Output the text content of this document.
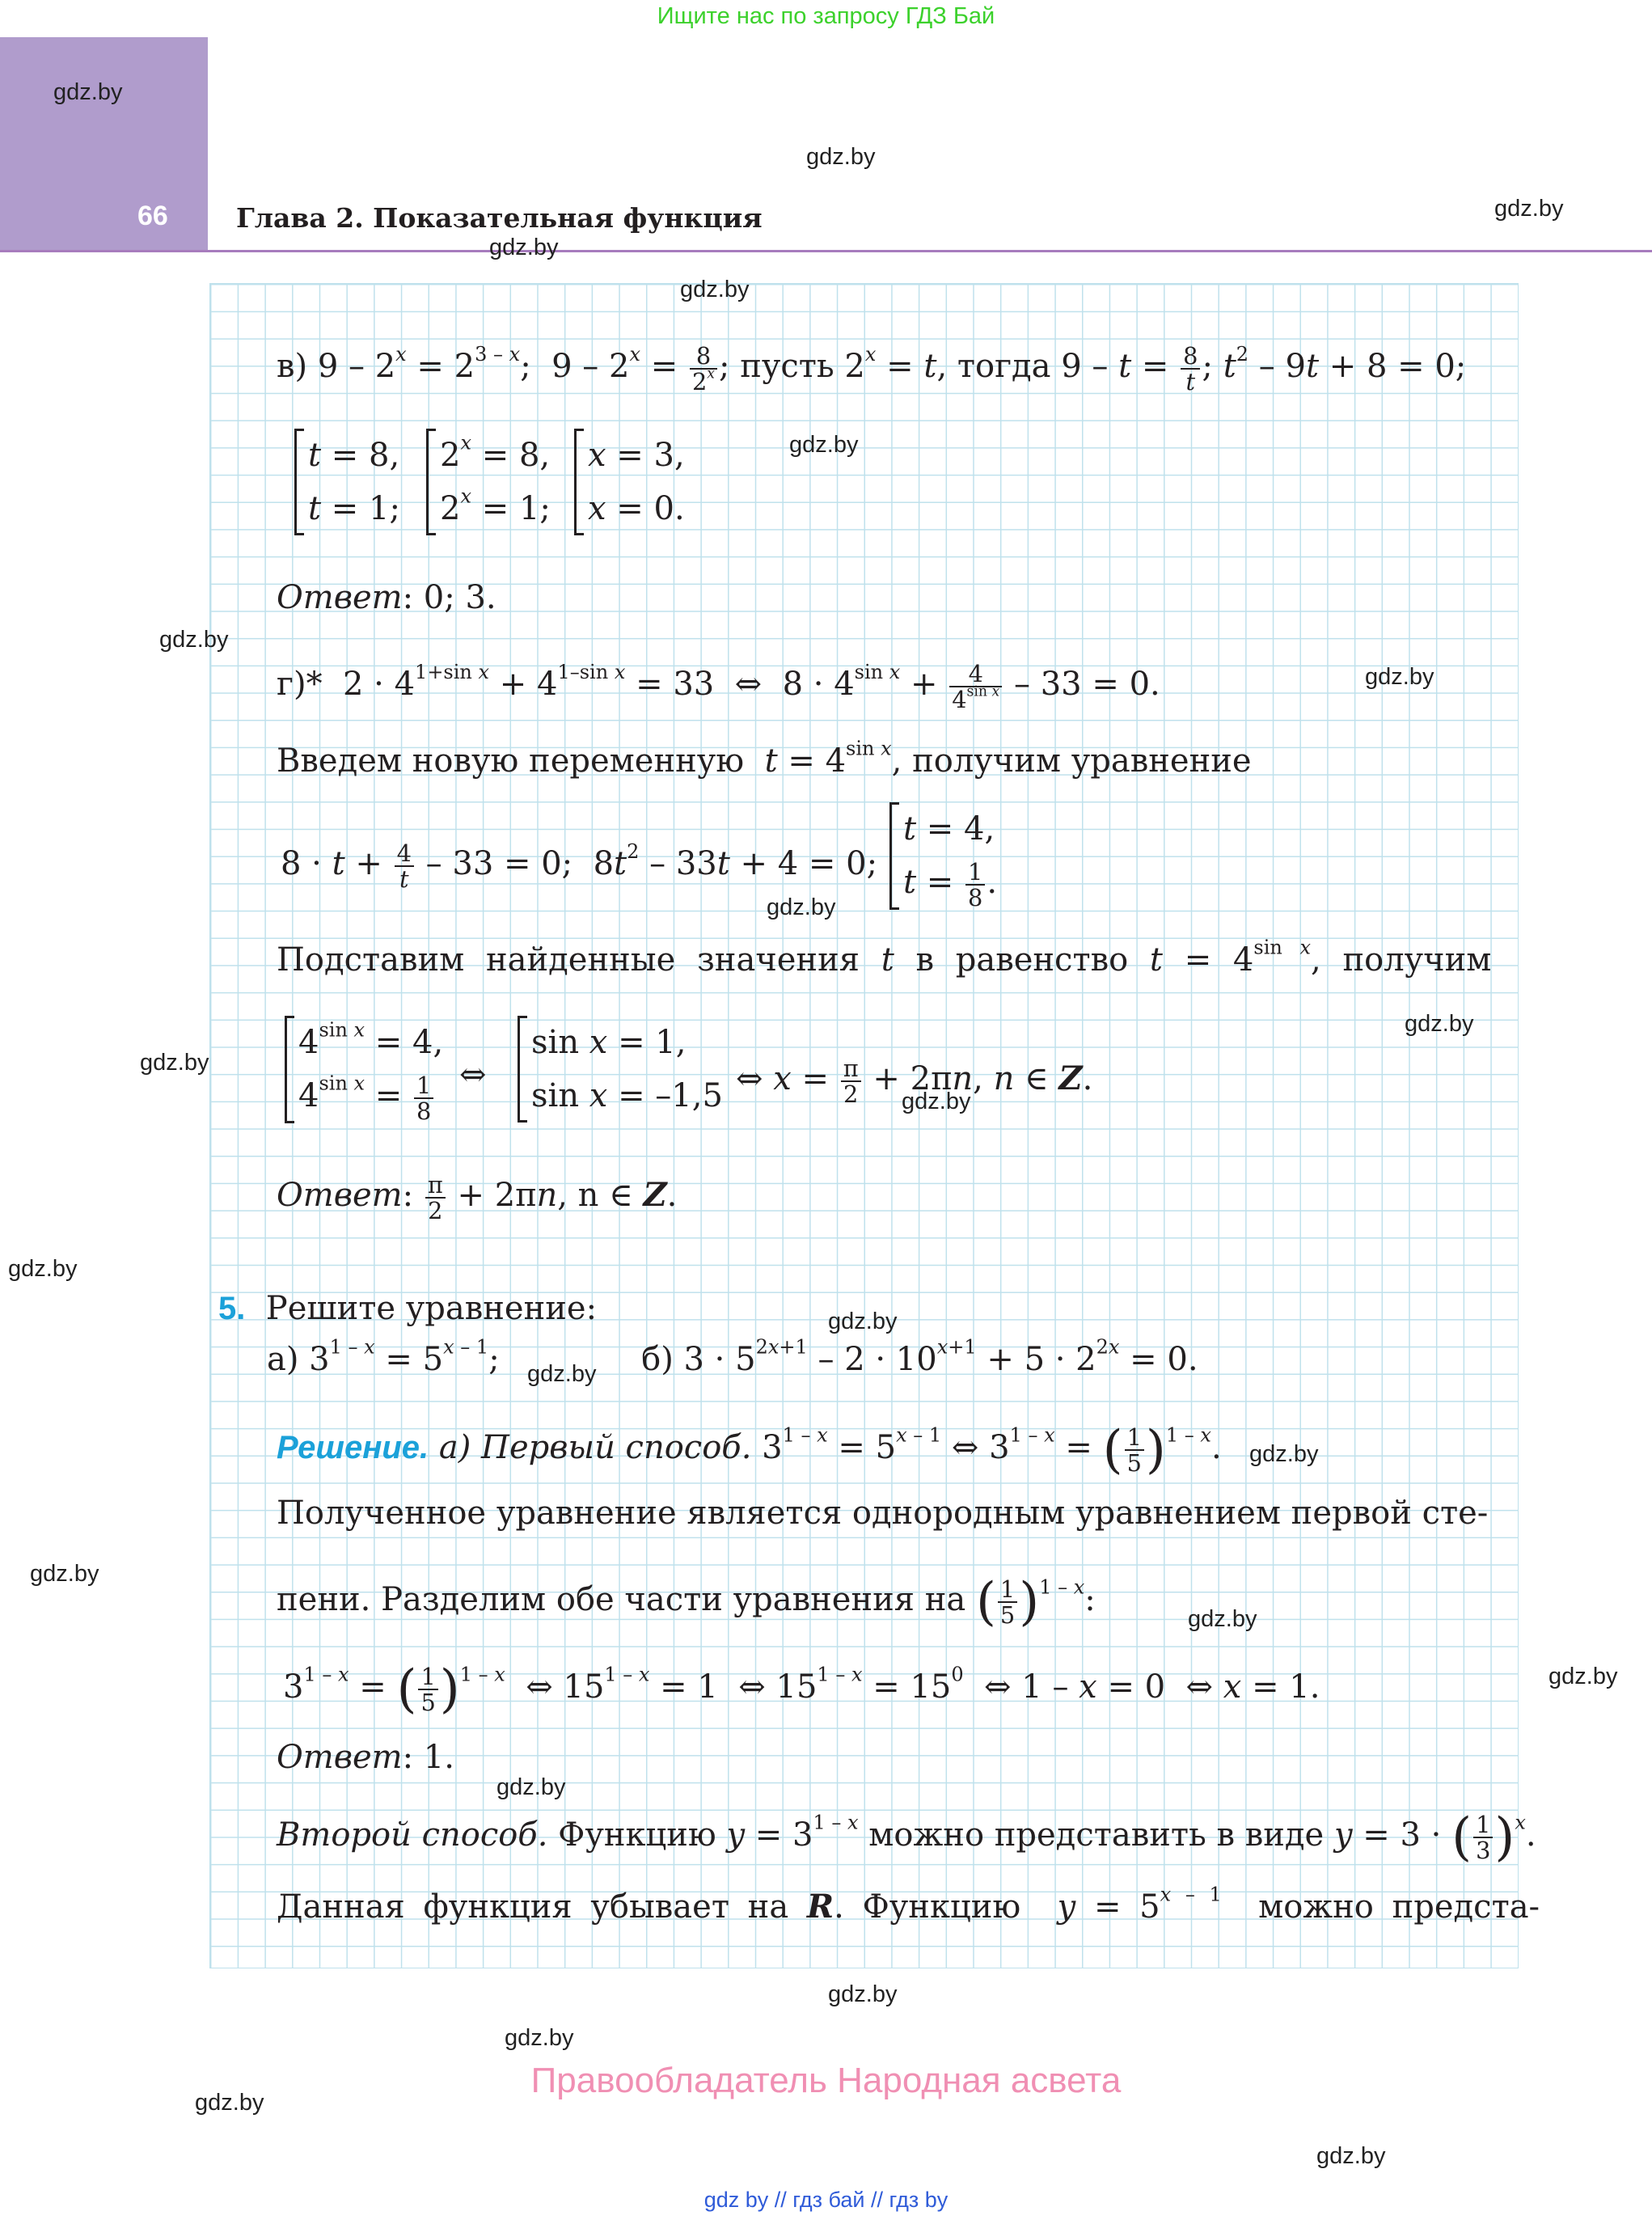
Ищите нас по запросу ГДЗ Бай
66	Глава 2. Показательная функция
gdz.by
gdz.by
gdz.by
gdz.by
gdz.by
gdz.by
gdz.by
gdz.by
gdz.by
gdz.by
gdz.by
gdz.by
gdz.by
gdz.by
gdz.by
gdz.by
gdz.by
gdz.by
gdz.by
gdz.by
gdz.by
gdz.by
gdz.by
gdz.by
в) $9 - 2^x = 2^{3 - x}$;  $9 - 2^x = \frac{8}{2^x}$ ; пусть $2^x = t$, тогда $9 - t = \frac{8}{t}$ ; $t^2 - 9t + 8 = 0$;
t = 8,
t = 1;
$2^x = 8$,
$2^x = 1$;
x = 3,
x = 0.
Ответ: 0; 3.
г)*  $2 \cdot 4^{1+sin x} + 4^{1-sin x} = 33$  ⇔  $8 \cdot 4^{sin x} + \frac{4}{4^{sin x}} - 33 = 0$.
Введем новую переменную $t = 4^{sin x}$, получим уравнение
$8 \cdot t + \frac{4}{t} - 33 = 0$;  $8t^2 - 33t + 4 = 0$;
t = 4,
$t = \frac{1}{8}$ .
Подставим найденные значения t в равенство $t = 4^{sin x}$, получим
$4^{sin x} = 4$,
$4^{sin x} = \frac{1}{8}$ ⇔
sin x = 1,
sin x = –1,5 ⇔ $x = \frac{\pi}{2} + 2\pi n$, n ∈ Z.
Ответ: $\frac{\pi}{2} + 2\pi n$, n ∈ Z.
5. Решите уравнение:
а) $3^{1 - x} = 5^{x - 1}$;	б) $3 \cdot 5^{2x+1} - 2 \cdot 10^{x+1} + 5 \cdot 2^{2x} = 0$.
Решение. а) Первый способ. $3^{1 - x} = 5^{x - 1}$ ⇔ $3^{1 - x}$ = ( $\frac{1}{5} )^{1 - x}$.
Полученное уравнение является однородным уравнением первой сте-
пени. Разделим обе части уравнения на ( $\frac{1}{5} )^{1 - x}$:
$3^{1 - x}$ = ( $\frac{1}{5} )^{1 - x}$  ⇔ $15^{1 - x} = 1$  ⇔ $15^{1 - x} = 15^0$  ⇔ 1 – x = 0  ⇔ x = 1.
Ответ: 1.
Второй способ. Функцию $y = 3^{1 - x}$ можно представить в виде y = 3 · ( $\frac{1}{3} )^x$.
Данная функция убывает на R. Функцию $y = 5^{x - 1}$ можно предста-
Правообладатель Народная асвета
gdz by // гдз бай // гдз by
